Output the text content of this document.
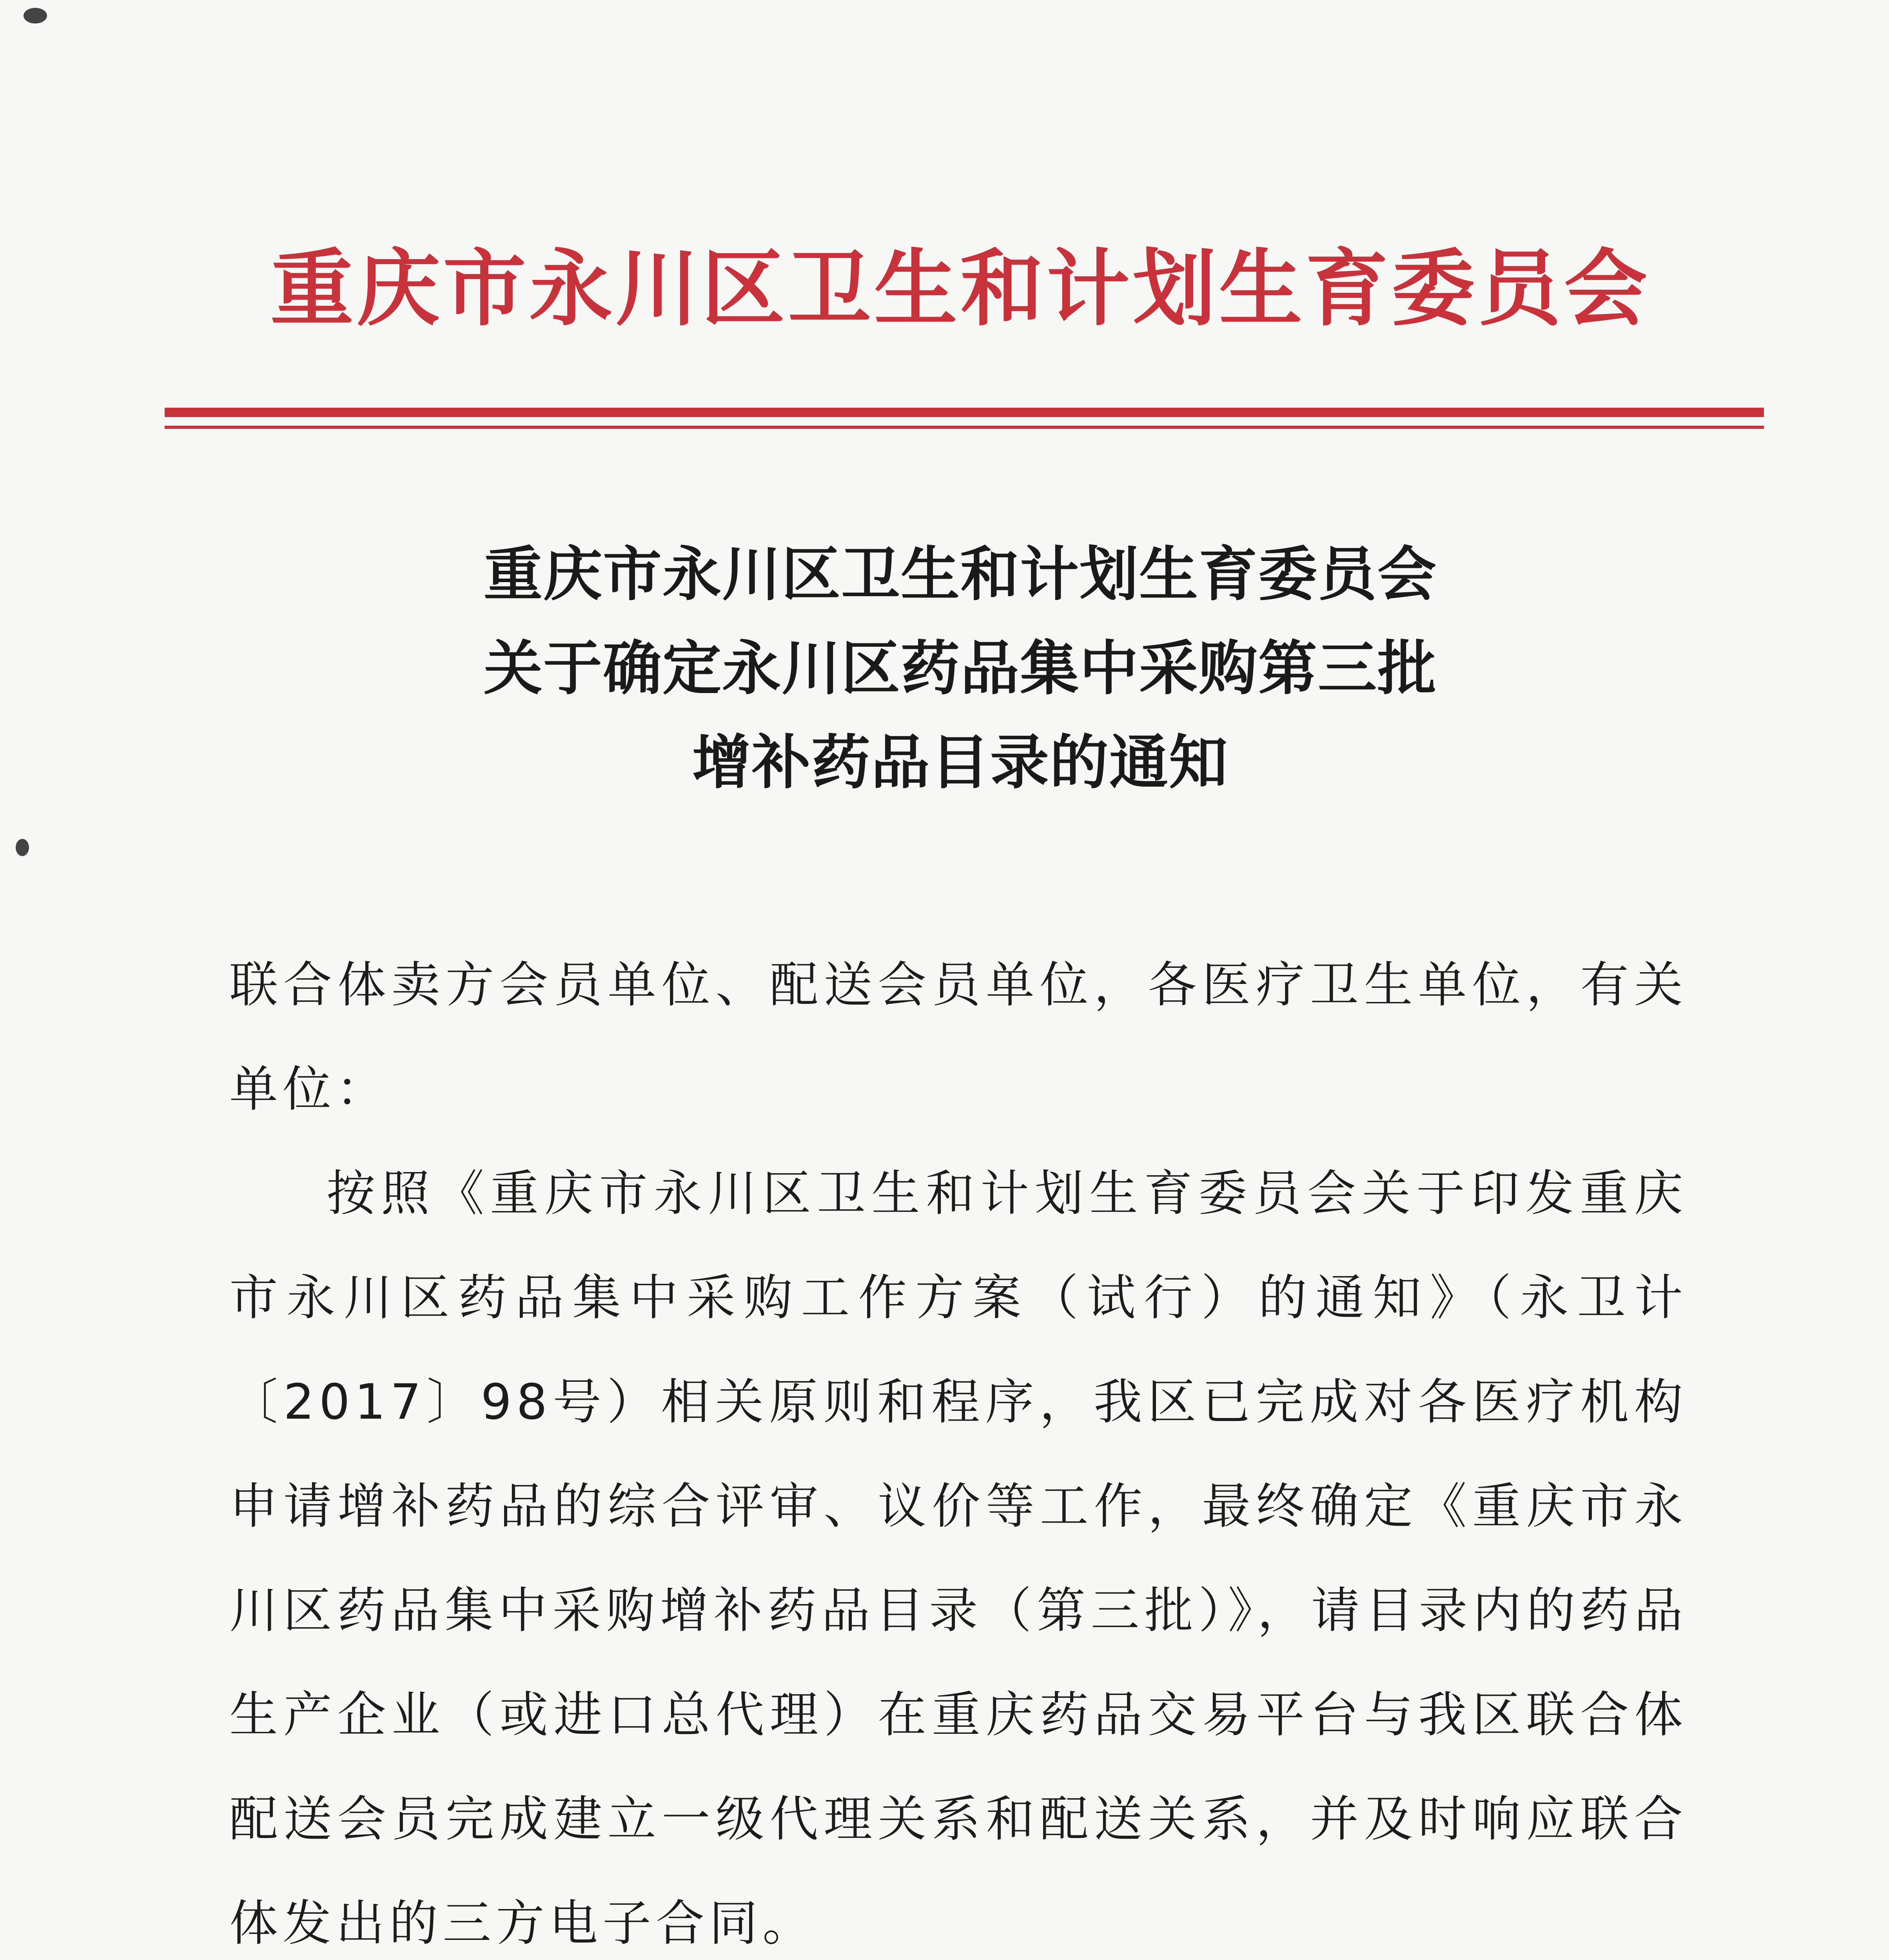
重庆市永川区卫生和计划生育委员会
重庆市永川区卫生和计划生育委员会
关于确定永川区药品集中采购第三批
增补药品目录的通知

联合体卖方会员单位、配送会员单位，各医疗卫生单位，有关单位：

按照《重庆市永川区卫生和计划生育委员会关于印发重庆市永川区药品集中采购工作方案（试行）的通知》（永卫计〔2017〕98号）相关原则和程序，我区已完成对各医疗机构申请增补药品的综合评审、议价等工作，最终确定《重庆市永川区药品集中采购增补药品目录（第三批）》，请目录内的药品生产企业（或进口总代理）在重庆药品交易平台与我区联合体配送会员完成建立一级代理关系和配送关系，并及时响应联合体发出的三方电子合同。
